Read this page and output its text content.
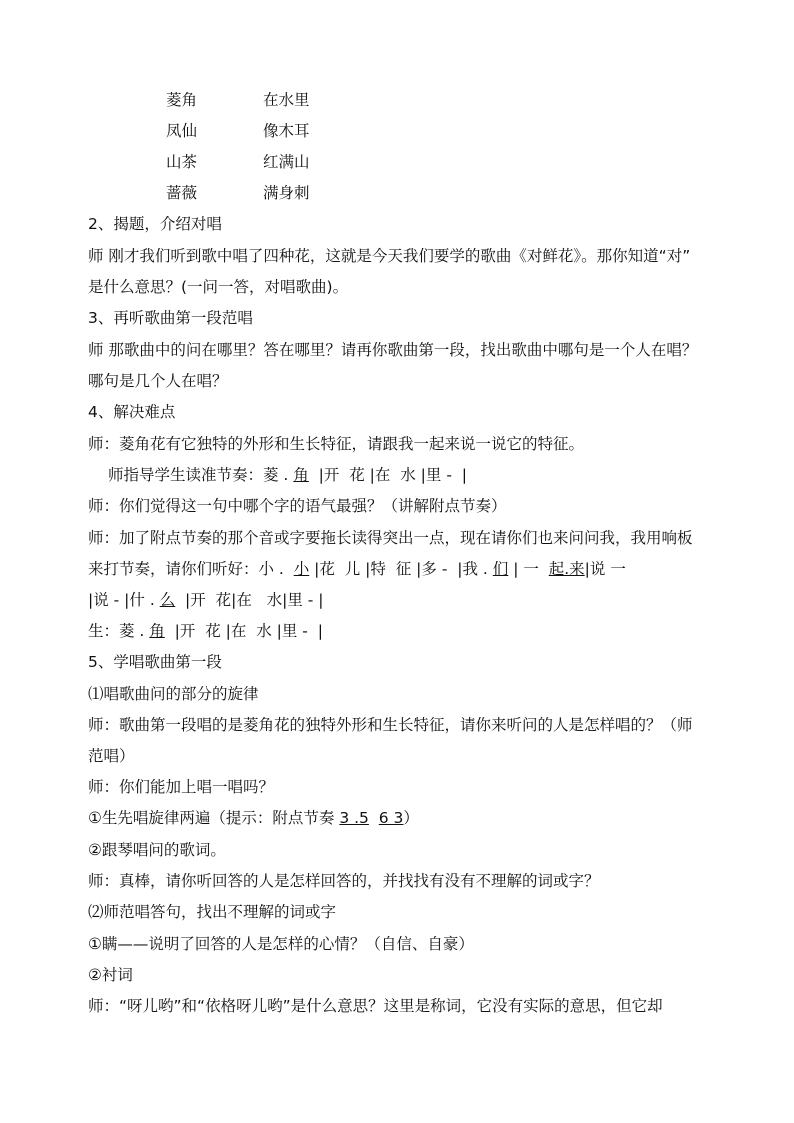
菱角	在水里
凤仙	像木耳
山茶	红满山
蔷薇	满身刺
2、揭题，介绍对唱
师 刚才我们听到歌中唱了四种花，这就是今天我们要学的歌曲《对鲜花》。那你知道“对”
是什么意思？(一问一答，对唱歌曲)。
3、再听歌曲第一段范唱
师 那歌曲中的问在哪里？答在哪里？请再你歌曲第一段，找出歌曲中哪句是一个人在唱？
哪句是几个人在唱？
4、解决难点
师：菱角花有它独特的外形和生长特征，请跟我一起来说一说它的特征。
师指导学生读准节奏：菱 . 角  |开  花 |在  水 |里 -  |
师：你们觉得这一句中哪个字的语气最强？（讲解附点节奏）
师：加了附点节奏的那个音或字要拖长读得突出一点，现在请你们也来问问我，我用响板
来打节奏，请你们听好：小 .  小 |花  儿 |特  征 |多 -  |我 . 们 | 一  起.来|说 一
|说 - |什 . 么  |开  花|在   水|里 - |
生：菱 . 角  |开  花 |在  水 |里 -  |
5、学唱歌曲第一段
⑴唱歌曲问的部分的旋律
师：歌曲第一段唱的是菱角花的独特外形和生长特征，请你来听问的人是怎样唱的？（师
范唱）
师：你们能加上唱一唱吗？
①生先唱旋律两遍（提示：附点节奏 3 .5 6 3）
②跟琴唱问的歌词。
师：真棒，请你听回答的人是怎样回答的，并找找有没有不理解的词或字？
⑵师范唱答句，找出不理解的词或字
①瞒——说明了回答的人是怎样的心情？（自信、自豪）
②衬词
师：“呀儿哟”和“依格呀儿哟”是什么意思？这里是称词，它没有实际的意思，但它却
